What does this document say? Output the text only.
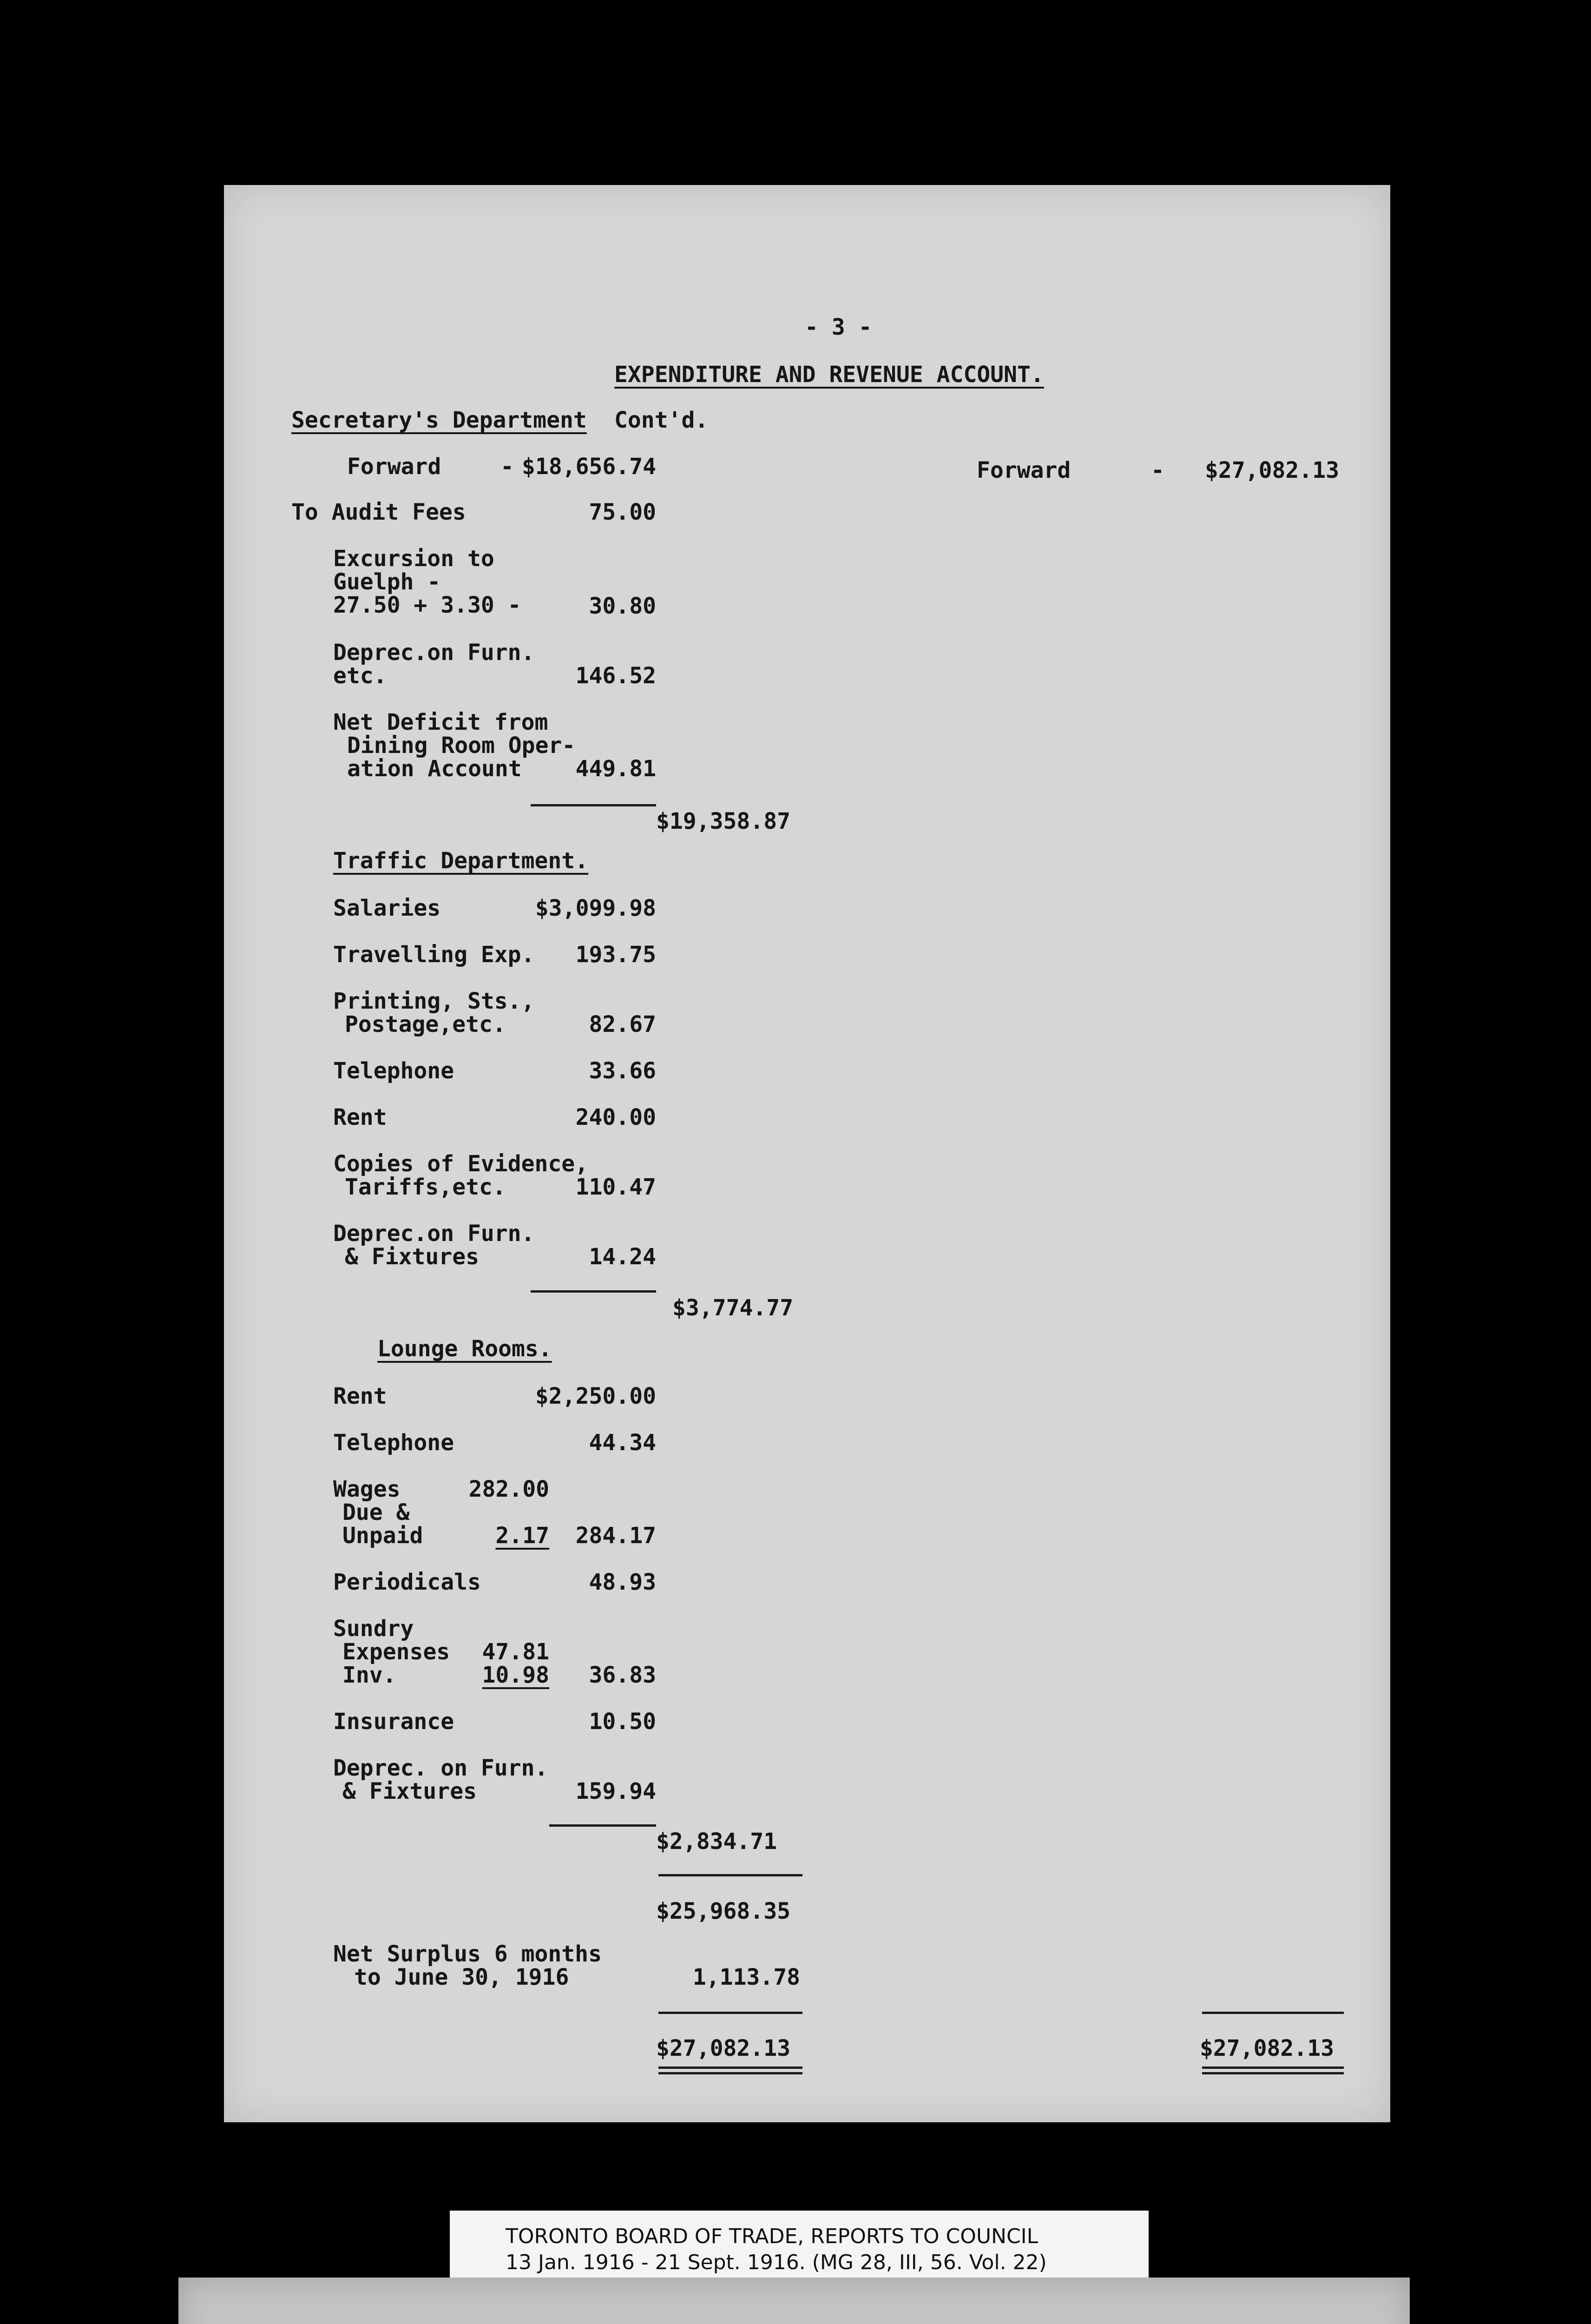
- 3 -
EXPENDITURE AND REVENUE ACCOUNT.
Secretary's Department Cont'd.
Forward	- $18,656.74	Forward	-	$27,082.13
To Audit Fees	75.00
Excursion to
Guelph -
27.50 + 3.30 -	30.80
Deprec.on Furn.
etc.	146.52
Net Deficit from
Dining Room Oper-
ation Account	449.81
$19,358.87
Traffic Department.
Salaries	$3,099.98
Travelling Exp.	193.75
Printing, Sts.,
Postage,etc.	82.67
Telephone	33.66
Rent	240.00
Copies of Evidence,
Tariffs,etc.	110.47
Deprec.on Furn.
& Fixtures	14.24
$3,774.77
Lounge Rooms.
Rent	$2,250.00
Telephone	44.34
Wages	282.00
Due &
Unpaid	2.17	284.17
Periodicals	48.93
Sundry
Expenses	47.81
Inv.	10.98	36.83
Insurance	10.50
Deprec. on Furn.
& Fixtures	159.94
$2,834.71
$25,968.35
Net Surplus 6 months
to June 30, 1916	1,113.78
$27,082.13	$27,082.13
TORONTO BOARD OF TRADE, REPORTS TO COUNCIL
13 Jan. 1916 - 21 Sept. 1916. (MG 28, III, 56. Vol. 22)
